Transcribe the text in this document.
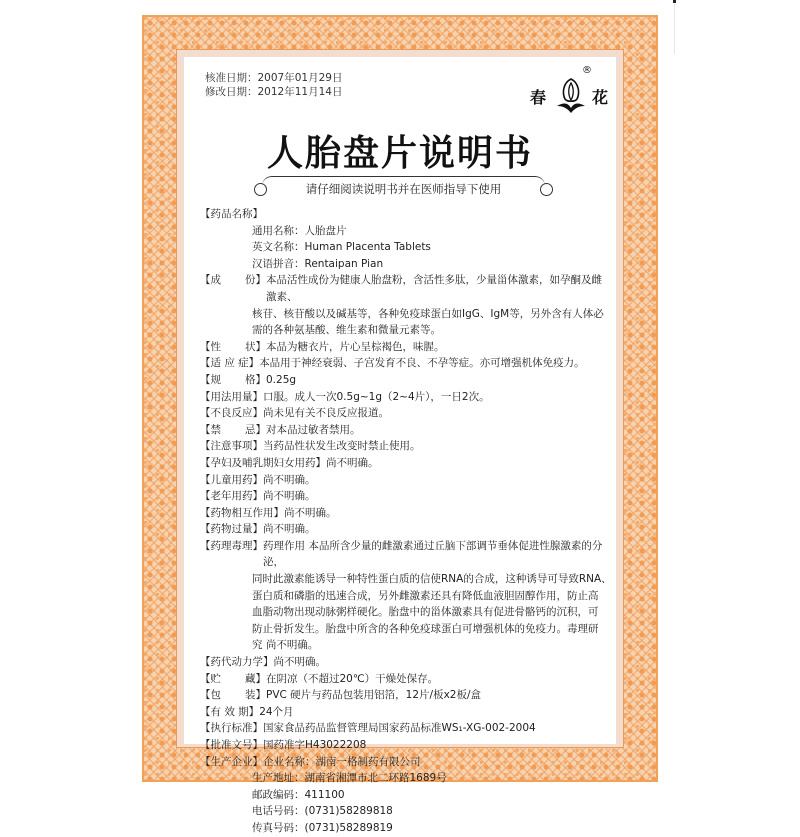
核准日期：2007年01月29日
修改日期：2012年11月14日	春
®
花
人胎盘片说明书
请仔细阅读说明书并在医师指导下使用
【药品名称】
通用名称：人胎盘片
英文名称：Human Placenta Tablets
汉语拼音：Rentaipan Pian
【成 份】 本品活性成份为健康人胎盘粉，含活性多肽，少量甾体激素，如孕酮及雌激素、
核苷、核苷酸以及碱基等，各种免疫球蛋白如IgG、IgM等，另外含有人体必
需的各种氨基酸、维生素和微量元素等。
【性 状】 本品为糖衣片，片心呈棕褐色，味腥。
【适 应 症】 本品用于神经衰弱、子宫发育不良、不孕等症。亦可增强机体免疫力。
【规 格】 0.25g
【用法用量】 口服。成人一次0.5g~1g（2~4片），一日2次。
【不良反应】 尚未见有关不良反应报道。
【禁 忌】 对本品过敏者禁用。
【注意事项】 当药品性状发生改变时禁止使用。
【孕妇及哺乳期妇女用药】 尚不明确。
【儿童用药】 尚不明确。
【老年用药】 尚不明确。
【药物相互作用】 尚不明确。
【药物过量】 尚不明确。
【药理毒理】 药理作用 本品所含少量的雌激素通过丘脑下部调节垂体促进性腺激素的分泌，
同时此激素能诱导一种特性蛋白质的信使RNA的合成，这种诱导可导致RNA、
蛋白质和磷脂的迅速合成，另外雌激素还具有降低血液胆固醇作用，防止高
血脂动物出现动脉粥样硬化。胎盘中的甾体激素具有促进骨骼钙的沉积，可
防止骨折发生。胎盘中所含的各种免疫球蛋白可增强机体的免疫力。毒理研
究 尚不明确。
【药代动力学】 尚不明确。
【贮 藏】 在阴凉（不超过20℃）干燥处保存。
【包 装】 PVC 硬片与药品包装用铝箔，12片/板x2板/盒
【有 效 期】 24个月
【执行标准】 国家食品药品监督管理局国家药品标准WS₁-XG-002-2004
【批准文号】 国药准字H43022208
【生产企业】 企业名称：湖南一格制药有限公司
生产地址：湖南省湘潭市北二环路1689号
邮政编码：411100
电话号码：(0731)58289818
传真号码：(0731)58289819
